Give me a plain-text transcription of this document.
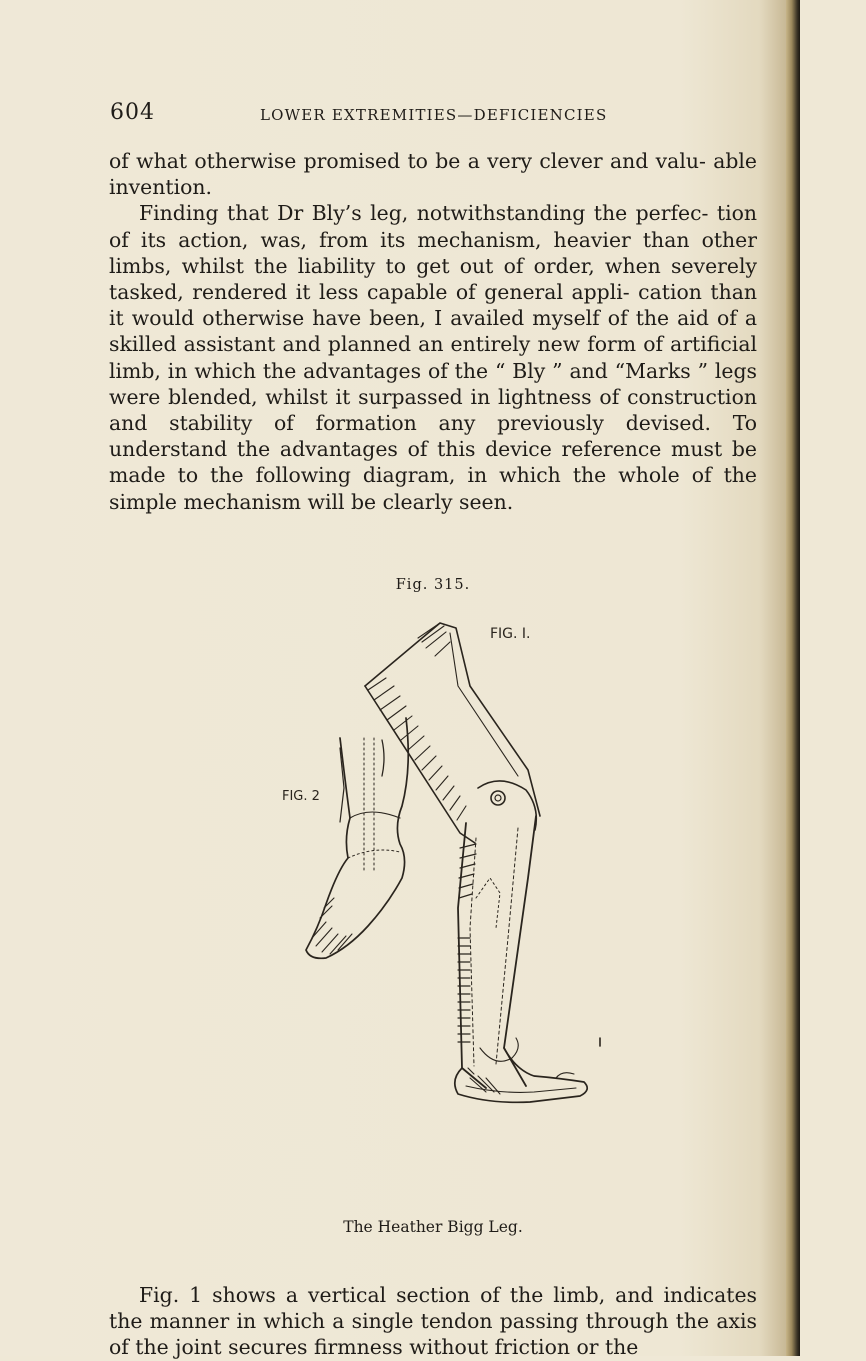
604	LOWER EXTREMITIES—DEFICIENCIES

of what otherwise promised to be a very clever and valu- able invention.

Finding that Dr Bly’s leg, notwithstanding the perfec- tion of its action, was, from its mechanism, heavier than other limbs, whilst the liability to get out of order, when severely tasked, rendered it less capable of general appli- cation than it would otherwise have been, I availed myself of the aid of a skilled assistant and planned an entirely new form of artificial limb, in which the advantages of the “ Bly ” and “Marks ” legs were blended, whilst it surpassed in lightness of construction and stability of formation any previously devised. To understand the advantages of this device reference must be made to the following diagram, in which the whole of the simple mechanism will be clearly seen.

Fig. 315.
FIG. I.
FIG. 2
The Heather Bigg Leg.

Fig. 1 shows a vertical section of the limb, and indicates the manner in which a single tendon passing through the axis of the joint secures firmness without friction or the
